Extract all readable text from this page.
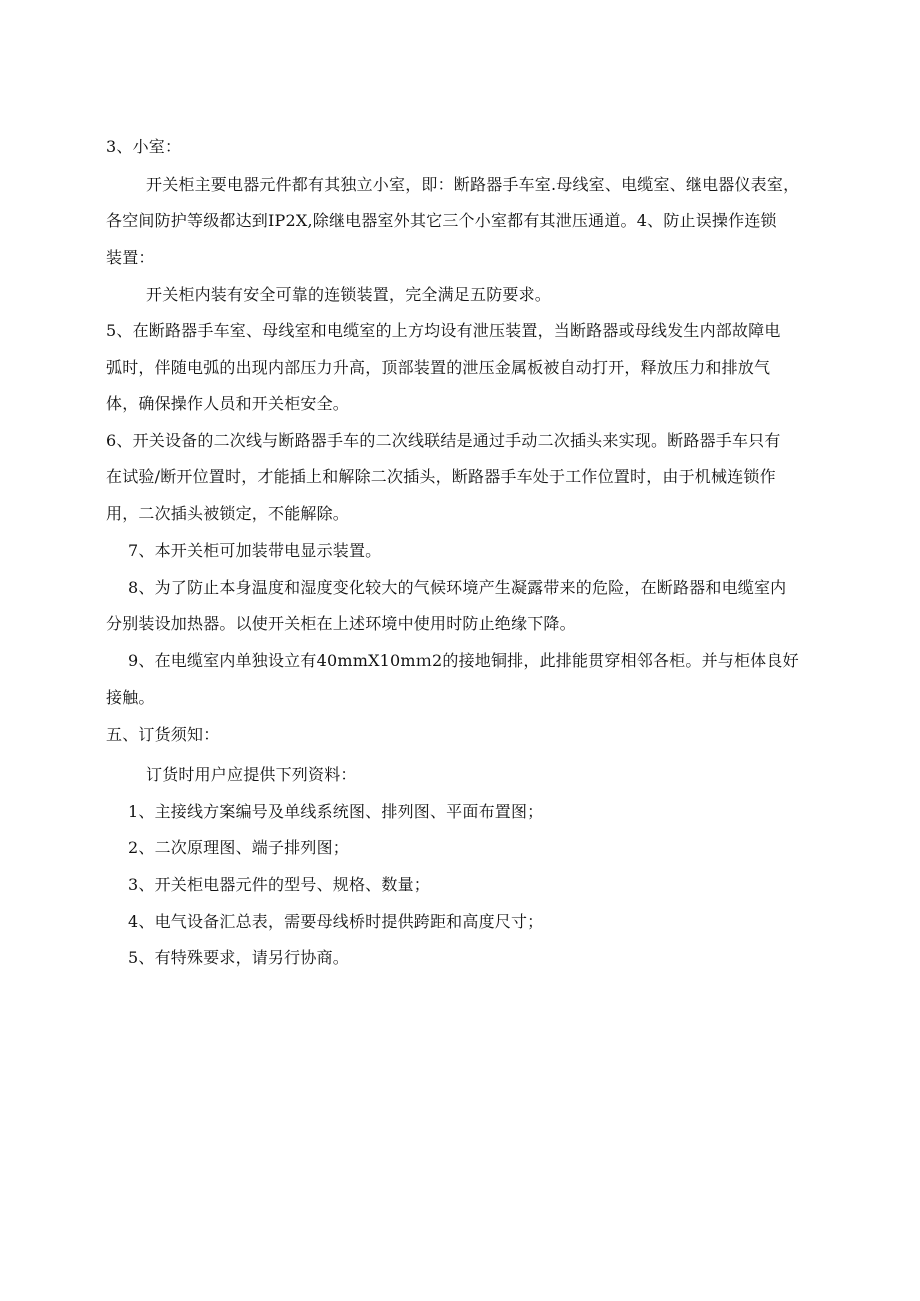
3、小室：
开关柜主要电器元件都有其独立小室，即：断路器手车室.母线室、电缆室、继电器仪表室，
各空间防护等级都达到IP2X,除继电器室外其它三个小室都有其泄压通道。4、防止误操作连锁
装置：
开关柜内装有安全可靠的连锁装置，完全满足五防要求。
5、在断路器手车室、母线室和电缆室的上方均设有泄压装置，当断路器或母线发生内部故障电
弧时，伴随电弧的出现内部压力升高，顶部装置的泄压金属板被自动打开，释放压力和排放气
体，确保操作人员和开关柜安全。
6、开关设备的二次线与断路器手车的二次线联结是通过手动二次插头来实现。断路器手车只有
在试验/断开位置时，才能插上和解除二次插头，断路器手车处于工作位置时，由于机械连锁作
用，二次插头被锁定，不能解除。
7、本开关柜可加装带电显示装置。
8、为了防止本身温度和湿度变化较大的气候环境产生凝露带来的危险，在断路器和电缆室内
分别装设加热器。以使开关柜在上述环境中使用时防止绝缘下降。
9、在电缆室内单独设立有40mmX10mｍ2的接地铜排，此排能贯穿相邻各柜。并与柜体良好
接触。
五、订货须知：
订货时用户应提供下列资料：
1、主接线方案编号及单线系统图、排列图、平面布置图；
2、二次原理图、端子排列图；
3、开关柜电器元件的型号、规格、数量；
4、电气设备汇总表，需要母线桥时提供跨距和高度尺寸；
5、有特殊要求，请另行协商。
